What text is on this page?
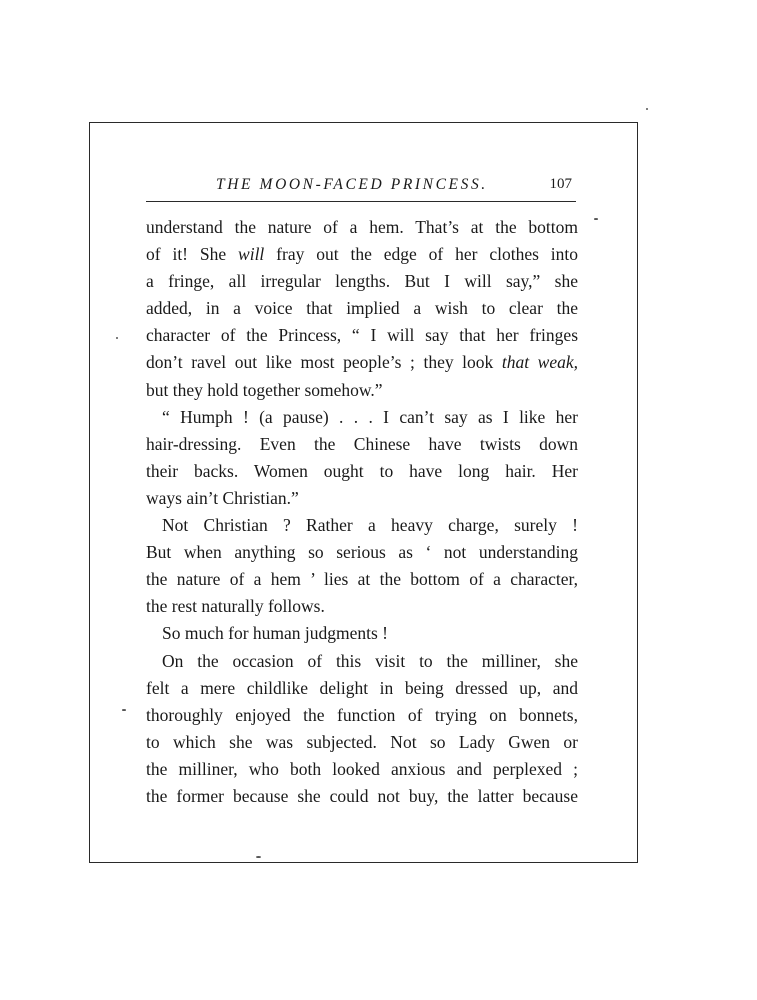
THE MOON-FACED PRINCESS.	107
understand the nature of a hem. That’s at the bottom
of it! She will fray out the edge of her clothes into
a fringe, all irregular lengths. But I will say,” she
added, in a voice that implied a wish to clear the
character of the Princess, “ I will say that her fringes
don’t ravel out like most people’s ; they look that weak,
but they hold together somehow.”
“ Humph ! (a pause) . . . I can’t say as I like her
hair-dressing. Even the Chinese have twists down
their backs. Women ought to have long hair. Her
ways ain’t Christian.”
Not Christian ? Rather a heavy charge, surely !
But when anything so serious as ‘ not understanding
the nature of a hem ’ lies at the bottom of a character,
the rest naturally follows.
So much for human judgments !
On the occasion of this visit to the milliner, she
felt a mere childlike delight in being dressed up, and
thoroughly enjoyed the function of trying on bonnets,
to which she was subjected. Not so Lady Gwen or
the milliner, who both looked anxious and perplexed ;
the former because she could not buy, the latter because
